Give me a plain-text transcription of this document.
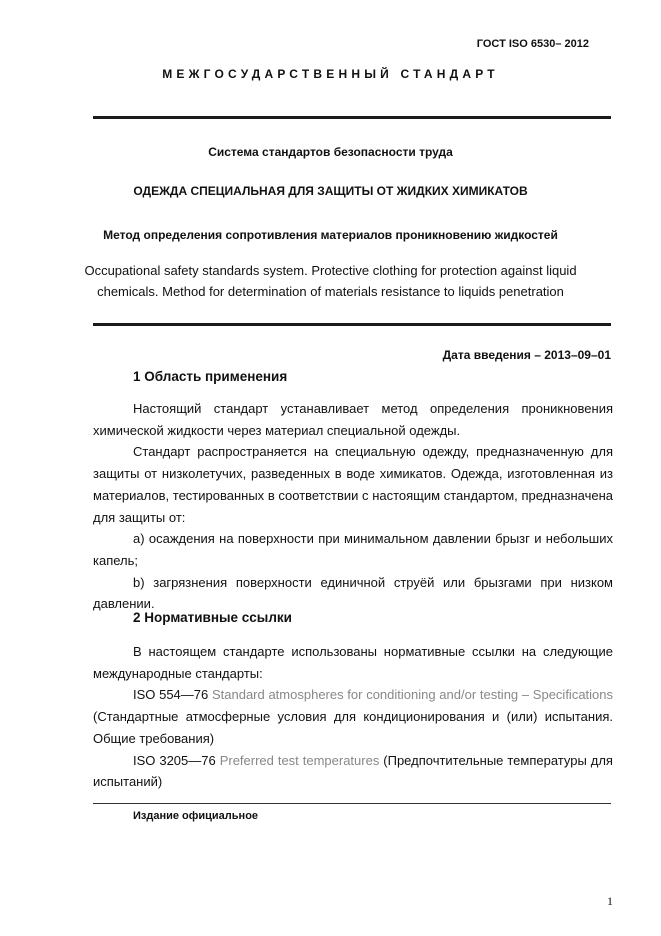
ГОСТ ISO 6530– 2012
МЕЖГОСУДАРСТВЕННЫЙ СТАНДАРТ
Система стандартов безопасности труда
ОДЕЖДА СПЕЦИАЛЬНАЯ ДЛЯ ЗАЩИТЫ ОТ ЖИДКИХ ХИМИКАТОВ
Метод определения сопротивления материалов проникновению жидкостей
Occupational safety standards system. Protective clothing for protection against liquid
chemicals. Method for determination of materials resistance to liquids penetration
Дата введения – 2013–09–01
1 Область применения

Настоящий стандарт устанавливает метод определения проникновения химической жидкости через материал специальной одежды.

Стандарт распространяется на специальную одежду, предназначенную для защиты от низколетучих, разведенных в воде химикатов. Одежда, изготовленная из материалов, тестированных в соответствии с настоящим стандартом, предназначена для защиты от:

а) осаждения на поверхности при минимальном давлении брызг и небольших капель;

b) загрязнения поверхности единичной струёй или брызгами при низком давлении.

2 Нормативные ссылки

В настоящем стандарте использованы нормативные ссылки на следующие международные стандарты:

ISO 554—76 Standard atmospheres for conditioning and/or testing – Specifications (Стандартные атмосферные условия для кондиционирования и (или) испытания. Общие требования)

ISO 3205—76 Preferred test temperatures (Предпочтительные температуры для испытаний)

Издание официальное
1
